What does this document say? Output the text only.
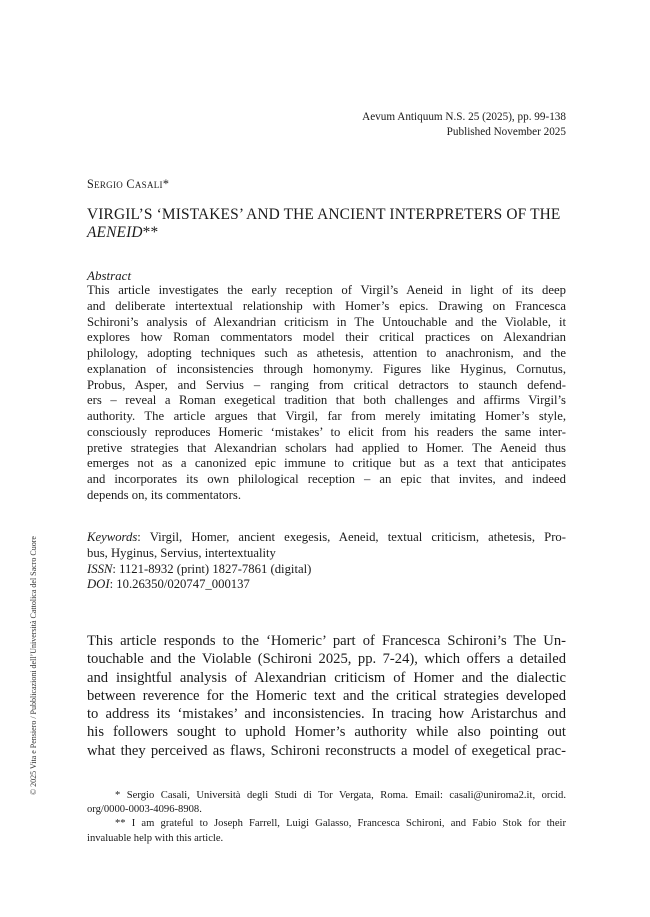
Aevum Antiquum N.S. 25 (2025), pp. 99-138
Published November 2025
Sergio Casali*
VIRGIL’S ‘MISTAKES’ AND THE ANCIENT INTERPRETERS OF THE AENEID**
Abstract
This article investigates the early reception of Virgil’s Aeneid in light of its deep
and deliberate intertextual relationship with Homer’s epics. Drawing on Francesca
Schironi’s analysis of Alexandrian criticism in The Untouchable and the Violable, it
explores how Roman commentators model their critical practices on Alexandrian
philology, adopting techniques such as athetesis, attention to anachronism, and the
explanation of inconsistencies through homonymy. Figures like Hyginus, Cornutus,
Probus, Asper, and Servius – ranging from critical detractors to staunch defend-
ers – reveal a Roman exegetical tradition that both challenges and affirms Virgil’s
authority. The article argues that Virgil, far from merely imitating Homer’s style,
consciously reproduces Homeric ‘mistakes’ to elicit from his readers the same inter-
pretive strategies that Alexandrian scholars had applied to Homer. The Aeneid thus
emerges not as a canonized epic immune to critique but as a text that anticipates
and incorporates its own philological reception – an epic that invites, and indeed
depends on, its commentators.
Keywords: Virgil, Homer, ancient exegesis, Aeneid, textual criticism, athetesis, Pro-
bus, Hyginus, Servius, intertextuality
ISSN: 1121-8932 (print) 1827-7861 (digital)
DOI: 10.26350/020747_000137
This article responds to the ‘Homeric’ part of Francesca Schironi’s The Un-
touchable and the Violable (Schironi 2025, pp. 7-24), which offers a detailed
and insightful analysis of Alexandrian criticism of Homer and the dialectic
between reverence for the Homeric text and the critical strategies developed
to address its ‘mistakes’ and inconsistencies. In tracing how Aristarchus and
his followers sought to uphold Homer’s authority while also pointing out
what they perceived as flaws, Schironi reconstructs a model of exegetical prac-
* Sergio Casali, Università degli Studi di Tor Vergata, Roma. Email: casali@uniroma2.it, orcid.
org/0000-0003-4096-8908.
** I am grateful to Joseph Farrell, Luigi Galasso, Francesca Schironi, and Fabio Stok for their
invaluable help with this article.
© 2025 Vita e Pensiero / Pubblicazioni dell’Università Cattolica del Sacro Cuore
